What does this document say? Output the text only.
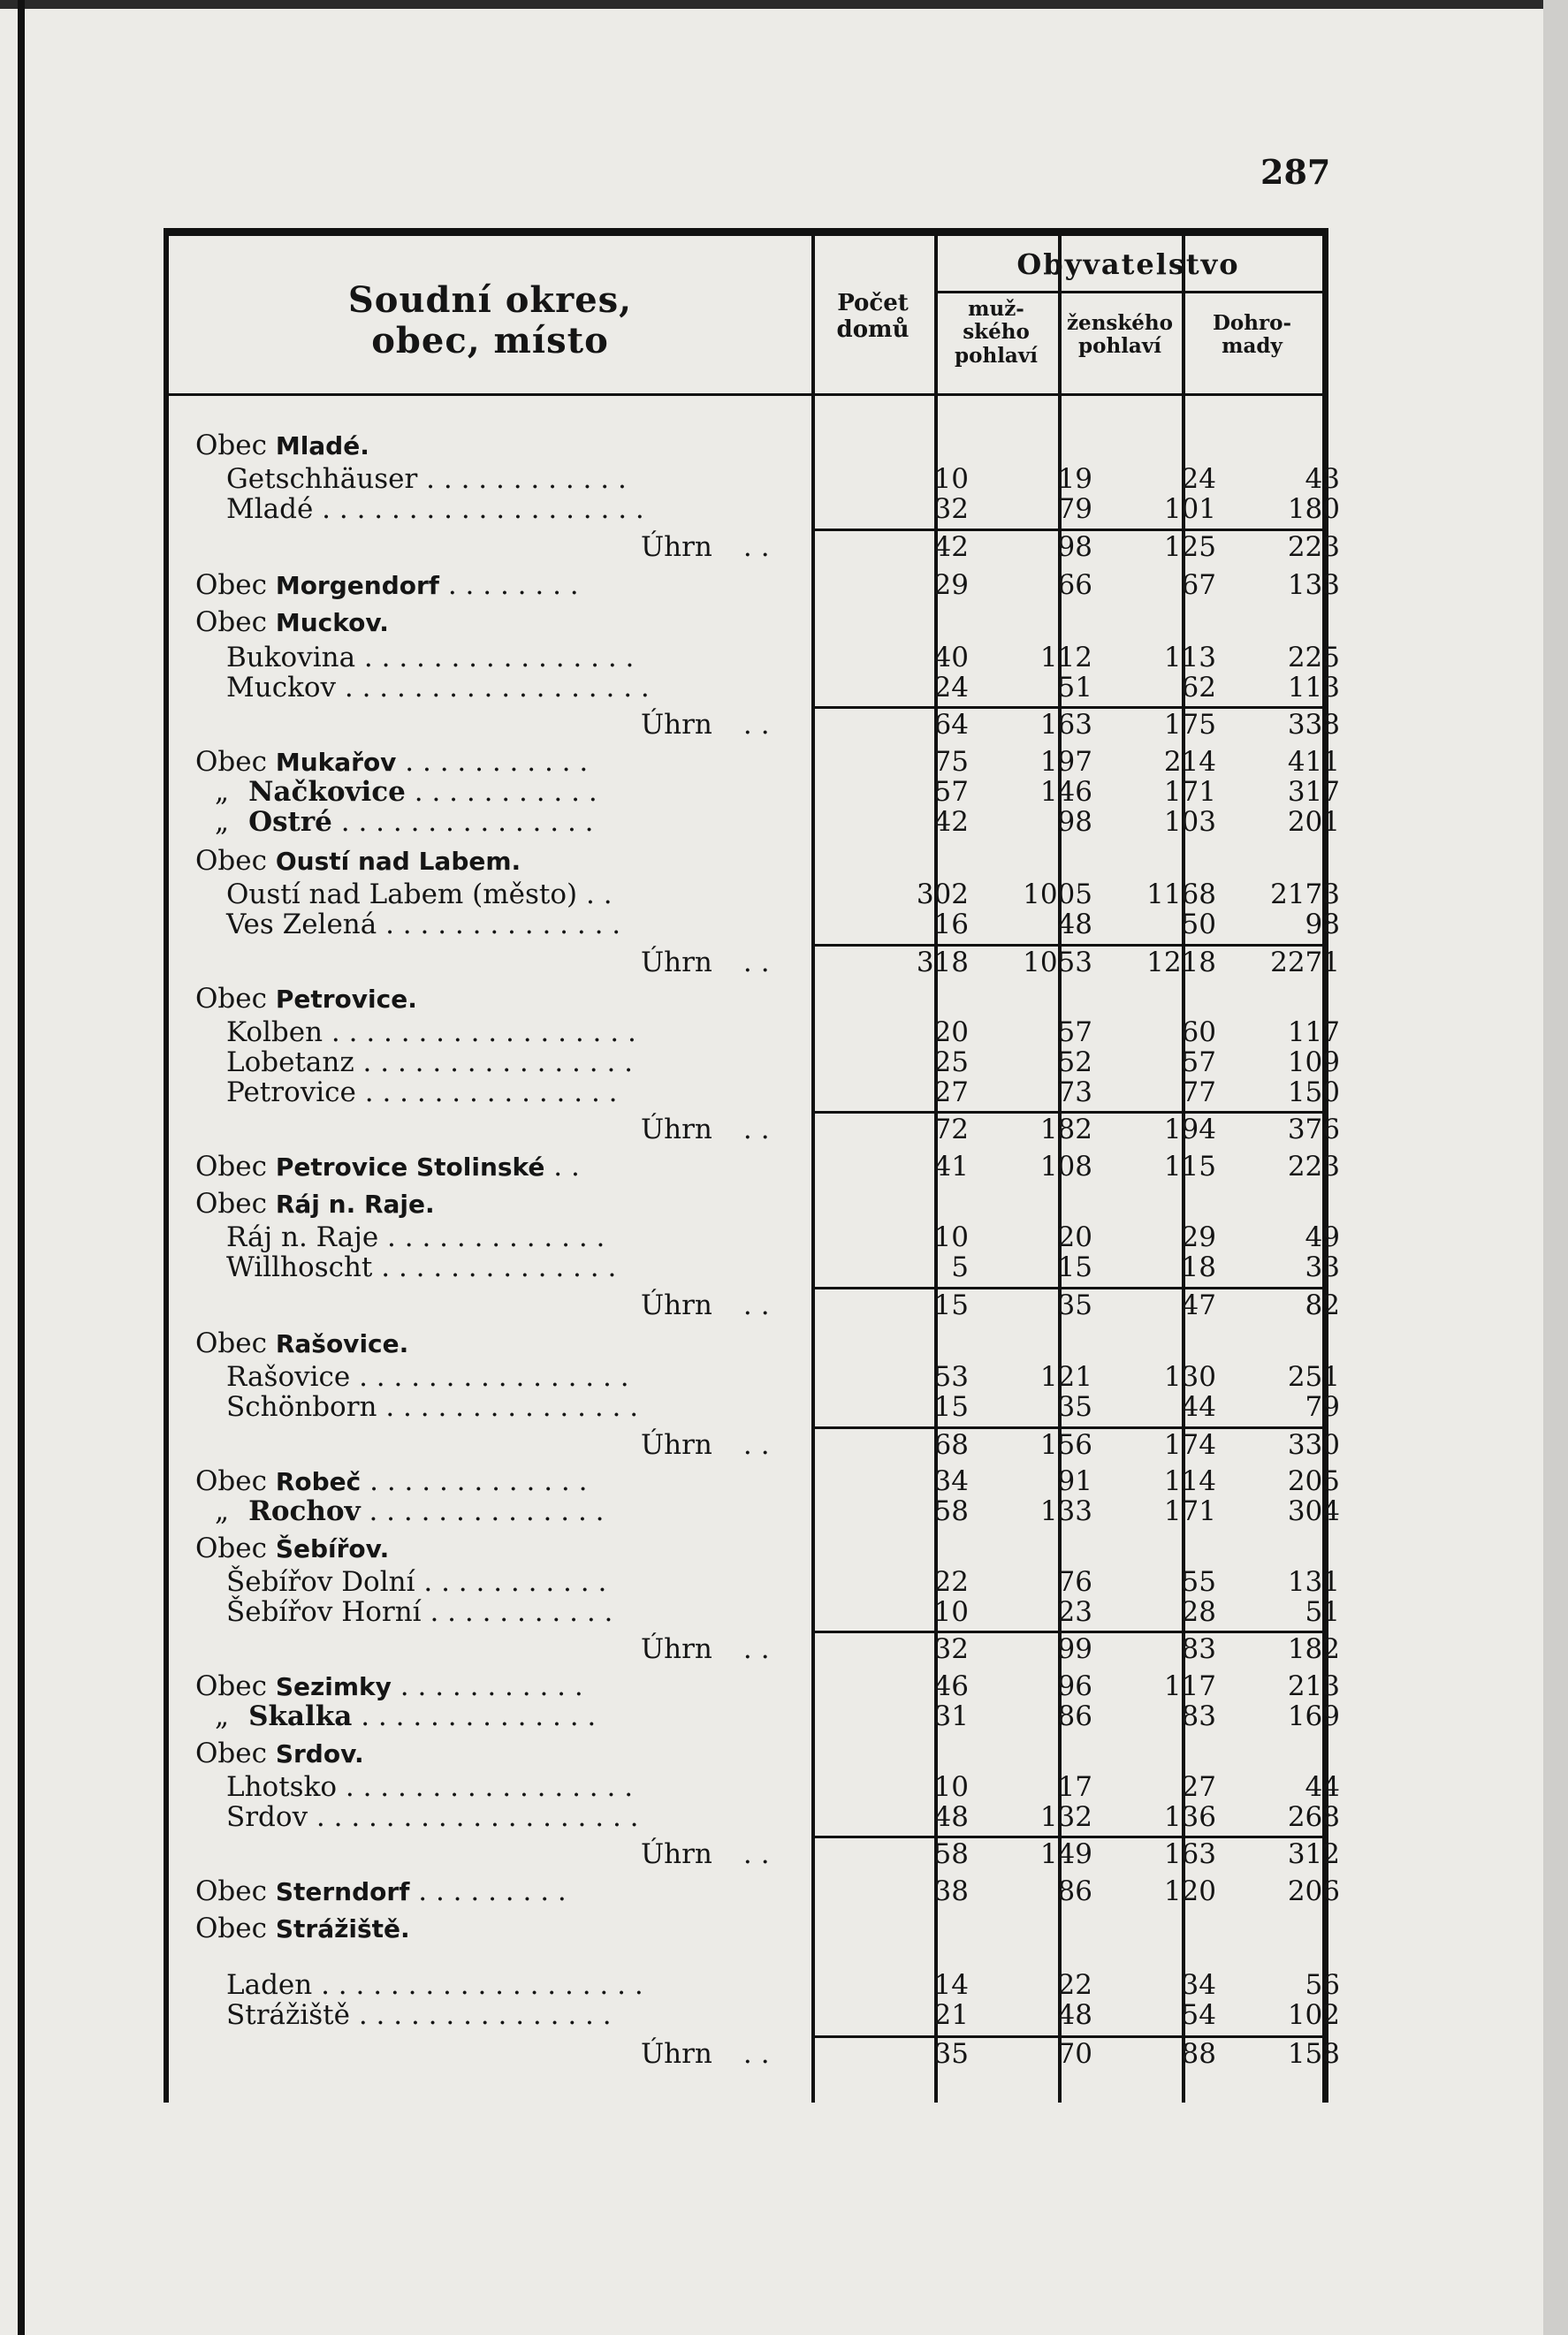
287
Soudní okres,
obec, místo
Počet
domů
Obyvatelstvo
muž-
ského
pohlaví
ženského
pohlaví
Dohro-
mady
Obec Mladé.
Getschhäuser . . . . . . . . . . . .	10	19	24	43
Mladé . . . . . . . . . . . . . . . . . . .	32	79	101	180
Úhrn ..	42	98	125	223
Obec Morgendorf . . . . . . . .	29	66	67	133
Obec Muckov.
Bukovina . . . . . . . . . . . . . . . .	40	112	113	225
Muckov . . . . . . . . . . . . . . . . . .	24	51	62	113
Úhrn ..	64	163	175	338
Obec Mukařov . . . . . . . . . . .	75	197	214	411
„ Načkovice . . . . . . . . . . .	57	146	171	317
„ Ostré . . . . . . . . . . . . . . .	42	98	103	201
Obec Oustí nad Labem.
Oustí nad Labem (město) . .	302	1005	1168	2173
Ves Zelená . . . . . . . . . . . . . .	16	48	50	98
Úhrn ..	318	1053	1218	2271
Obec Petrovice.
Kolben . . . . . . . . . . . . . . . . . .	20	57	60	117
Lobetanz . . . . . . . . . . . . . . . .	25	52	57	109
Petrovice . . . . . . . . . . . . . . .	27	73	77	150
Úhrn ..	72	182	194	376
Obec Petrovice Stolinské . .	41	108	115	223
Obec Ráj n. Raje.
Ráj n. Raje . . . . . . . . . . . . .	10	20	29	49
Willhoscht . . . . . . . . . . . . . .	5	15	18	33
Úhrn ..	15	35	47	82
Obec Rašovice.
Rašovice . . . . . . . . . . . . . . . .	53	121	130	251
Schönborn . . . . . . . . . . . . . . .	15	35	44	79
Úhrn ..	68	156	174	330
Obec Robeč . . . . . . . . . . . . .	34	91	114	205
„ Rochov . . . . . . . . . . . . . .	58	133	171	304
Obec Šebířov.
Šebířov Dolní . . . . . . . . . . .	22	76	55	131
Šebířov Horní . . . . . . . . . . .	10	23	28	51
Úhrn ..	32	99	83	182
Obec Sezimky . . . . . . . . . . .	46	96	117	213
„ Skalka . . . . . . . . . . . . . .	31	86	83	169
Obec Srdov.
Lhotsko . . . . . . . . . . . . . . . . .	10	17	27	44
Srdov . . . . . . . . . . . . . . . . . . .	48	132	136	268
Úhrn ..	58	149	163	312
Obec Sterndorf . . . . . . . . .	38	86	120	206
Obec Strážiště.
Laden . . . . . . . . . . . . . . . . . . .	14	22	34	56
Strážiště . . . . . . . . . . . . . . .	21	48	54	102
Úhrn ..	35	70	88	158
